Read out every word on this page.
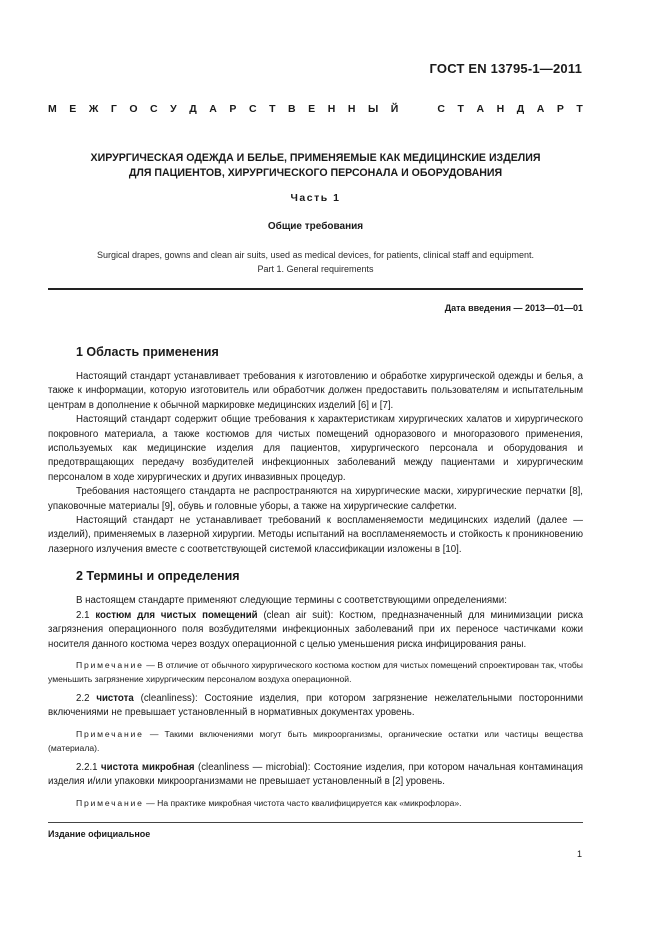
ГОСТ EN 13795-1—2011
М Е Ж Г О С У Д А Р С Т В Е Н Н Ы Й	С Т А Н Д А Р Т
ХИРУРГИЧЕСКАЯ ОДЕЖДА И БЕЛЬЕ, ПРИМЕНЯЕМЫЕ КАК МЕДИЦИНСКИЕ ИЗДЕЛИЯ
ДЛЯ ПАЦИЕНТОВ, ХИРУРГИЧЕСКОГО ПЕРСОНАЛА И ОБОРУДОВАНИЯ
Часть 1
Общие требования
Surgical drapes, gowns and clean air suits, used as medical devices, for patients, clinical staff and equipment.
Part 1. General requirements
Дата введения — 2013—01—01
1 Область применения

Настоящий стандарт устанавливает требования к изготовлению и обработке хирургической одежды и белья, а также к информации, которую изготовитель или обработчик должен предоставить пользователям и испытательным центрам в дополнение к обычной маркировке медицинских изделий [6] и [7].

Настоящий стандарт содержит общие требования к характеристикам хирургических халатов и хирургического покровного материала, а также костюмов для чистых помещений одноразового и многоразового применения, используемых как медицинские изделия для пациентов, хирургического персонала и оборудования и предотвращающих передачу возбудителей инфекционных заболеваний между пациентами и хирургическим персоналом в ходе хирургических и других инвазивных процедур.

Требования настоящего стандарта не распространяются на хирургические маски, хирургические перчатки [8], упаковочные материалы [9], обувь и головные уборы, а также на хирургические салфетки.

Настоящий стандарт не устанавливает требований к воспламеняемости медицинских изделий (далее — изделий), применяемых в лазерной хирургии. Методы испытаний на воспламеняемость и стойкость к проникновению лазерного излучения вместе с соответствующей системой классификации изложены в [10].

2 Термины и определения

В настоящем стандарте применяют следующие термины с соответствующими определениями:

2.1 костюм для чистых помещений (clean air suit): Костюм, предназначенный для минимизации риска загрязнения операционного поля возбудителями инфекционных заболеваний при их переносе частичками кожи носителя данного костюма через воздух операционной с целью уменьшения риска инфицирования раны.

Примечание — В отличие от обычного хирургического костюма костюм для чистых помещений спроектирован так, чтобы уменьшить загрязнение хирургическим персоналом воздуха операционной.

2.2 чистота (cleanliness): Состояние изделия, при котором загрязнение нежелательными посторонними включениями не превышает установленный в нормативных документах уровень.

Примечание — Такими включениями могут быть микроорганизмы, органические остатки или частицы вещества (материала).

2.2.1 чистота микробная (cleanliness — microbial): Состояние изделия, при котором начальная контаминация изделия и/или упаковки микроорганизмами не превышает установленный в [2] уровень.

Примечание — На практике микробная чистота часто квалифицируется как «микрофлора».

Издание официальное
1
